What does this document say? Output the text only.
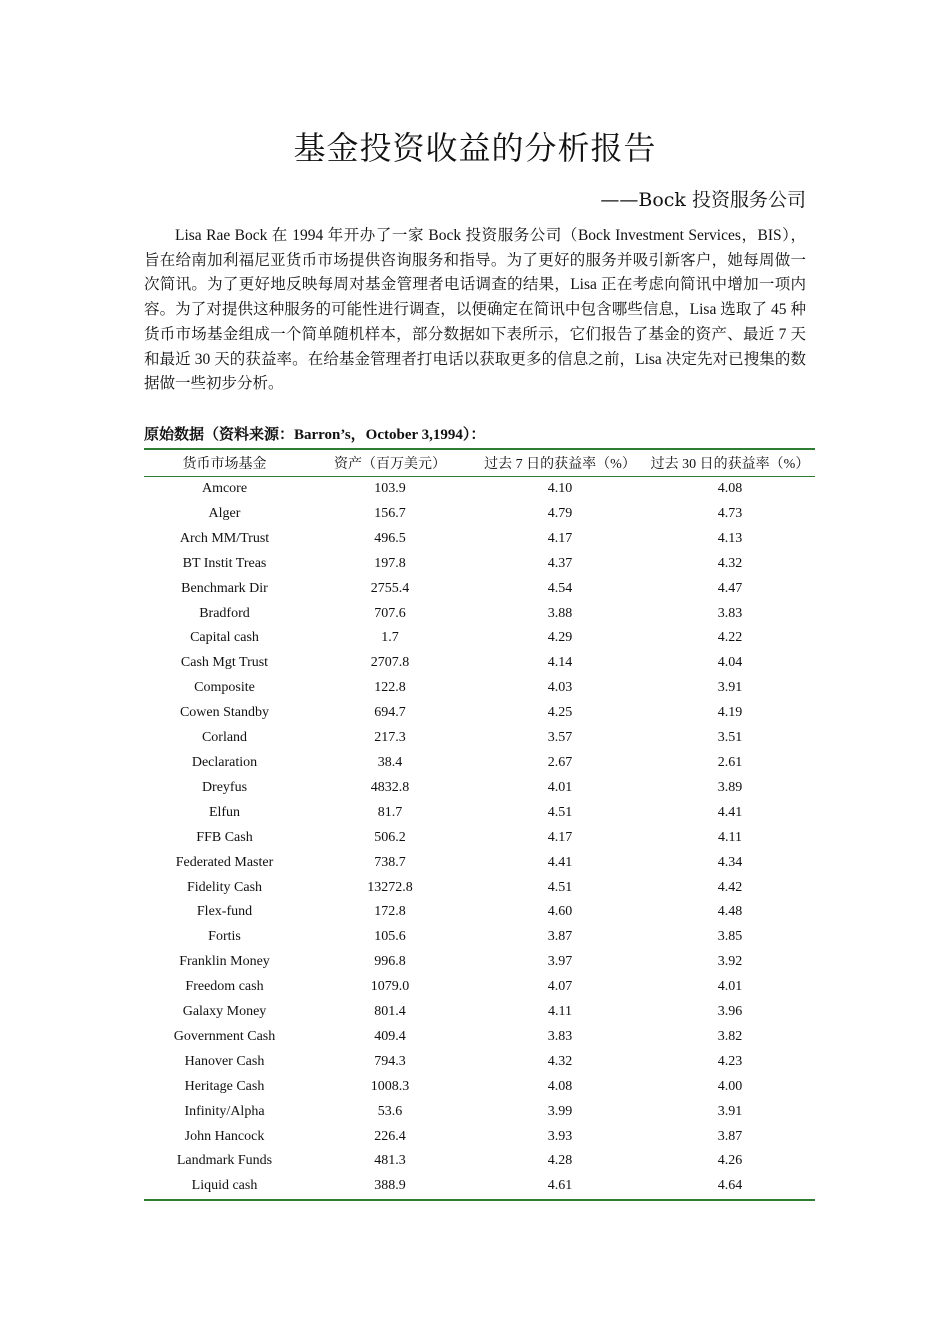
基金投资收益的分析报告
——Bock 投资服务公司

Lisa Rae Bock 在 1994 年开办了一家 Bock 投资服务公司（Bock Investment Services，BIS），旨在给南加利福尼亚货币市场提供咨询服务和指导。为了更好的服务并吸引新客户，她每周做一次简讯。为了更好地反映每周对基金管理者电话调查的结果，Lisa 正在考虑向简讯中增加一项内容。为了对提供这种服务的可能性进行调查，以便确定在简讯中包含哪些信息，Lisa 选取了 45 种货币市场基金组成一个简单随机样本，部分数据如下表所示，它们报告了基金的资产、最近 7 天和最近 30 天的获益率。在给基金管理者打电话以获取更多的信息之前，Lisa 决定先对已搜集的数据做一些初步分析。

原始数据（资料来源：Barron’s，October 3,1994）：
货币市场基金	资产（百万美元）	过去 7 日的获益率（%）	过去 30 日的获益率（%）
Amcore	103.9	4.10	4.08
Alger	156.7	4.79	4.73
Arch MM/Trust	496.5	4.17	4.13
BT Instit Treas	197.8	4.37	4.32
Benchmark Dir	2755.4	4.54	4.47
Bradford	707.6	3.88	3.83
Capital cash	1.7	4.29	4.22
Cash Mgt Trust	2707.8	4.14	4.04
Composite	122.8	4.03	3.91
Cowen Standby	694.7	4.25	4.19
Corland	217.3	3.57	3.51
Declaration	38.4	2.67	2.61
Dreyfus	4832.8	4.01	3.89
Elfun	81.7	4.51	4.41
FFB Cash	506.2	4.17	4.11
Federated Master	738.7	4.41	4.34
Fidelity Cash	13272.8	4.51	4.42
Flex-fund	172.8	4.60	4.48
Fortis	105.6	3.87	3.85
Franklin Money	996.8	3.97	3.92
Freedom cash	1079.0	4.07	4.01
Galaxy Money	801.4	4.11	3.96
Government Cash	409.4	3.83	3.82
Hanover Cash	794.3	4.32	4.23
Heritage Cash	1008.3	4.08	4.00
Infinity/Alpha	53.6	3.99	3.91
John Hancock	226.4	3.93	3.87
Landmark Funds	481.3	4.28	4.26
Liquid cash	388.9	4.61	4.64
